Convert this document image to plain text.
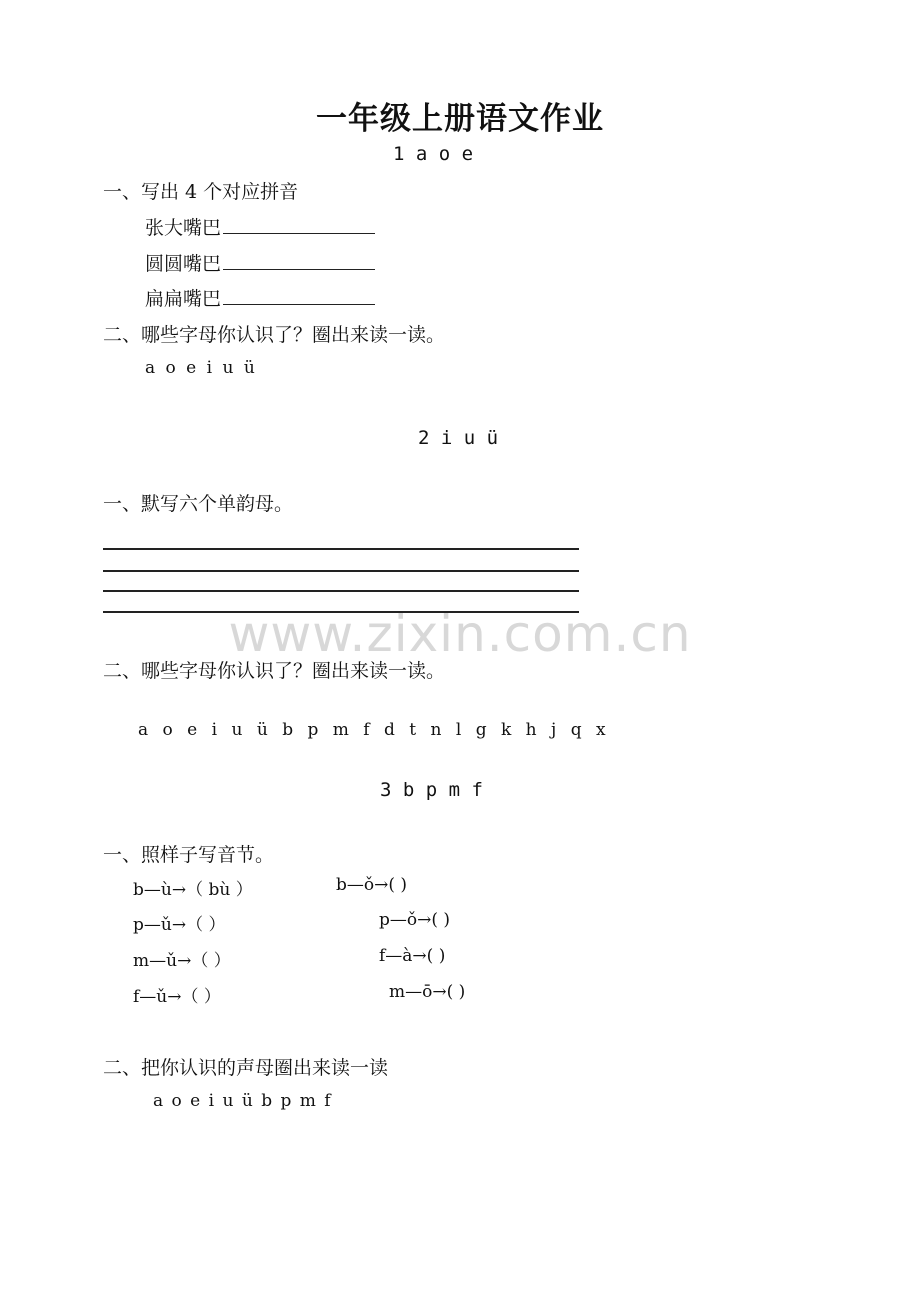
一年级上册语文作业
1 a o e
一、写出 4 个对应拼音
张大嘴巴
圆圆嘴巴
扁扁嘴巴
二、哪些字母你认识了？圈出来读一读。
a o e i u ü
2 i u ü
一、默写六个单韵母。
www.zixin.com.cn
二、哪些字母你认识了？圈出来读一读。
a o e i u ü b p m f d t n l g k h j q x
3 b p m f
一、照样子写音节。
b—ù→（ bù ）	b—ǒ→( )
p—ǔ→（ ）	p—ǒ→( )
m—ǔ→（ ）	f—à→( )
f—ǔ→（ ）	m—ō→( )
二、把你认识的声母圈出来读一读
a o e i u ü b p m f
